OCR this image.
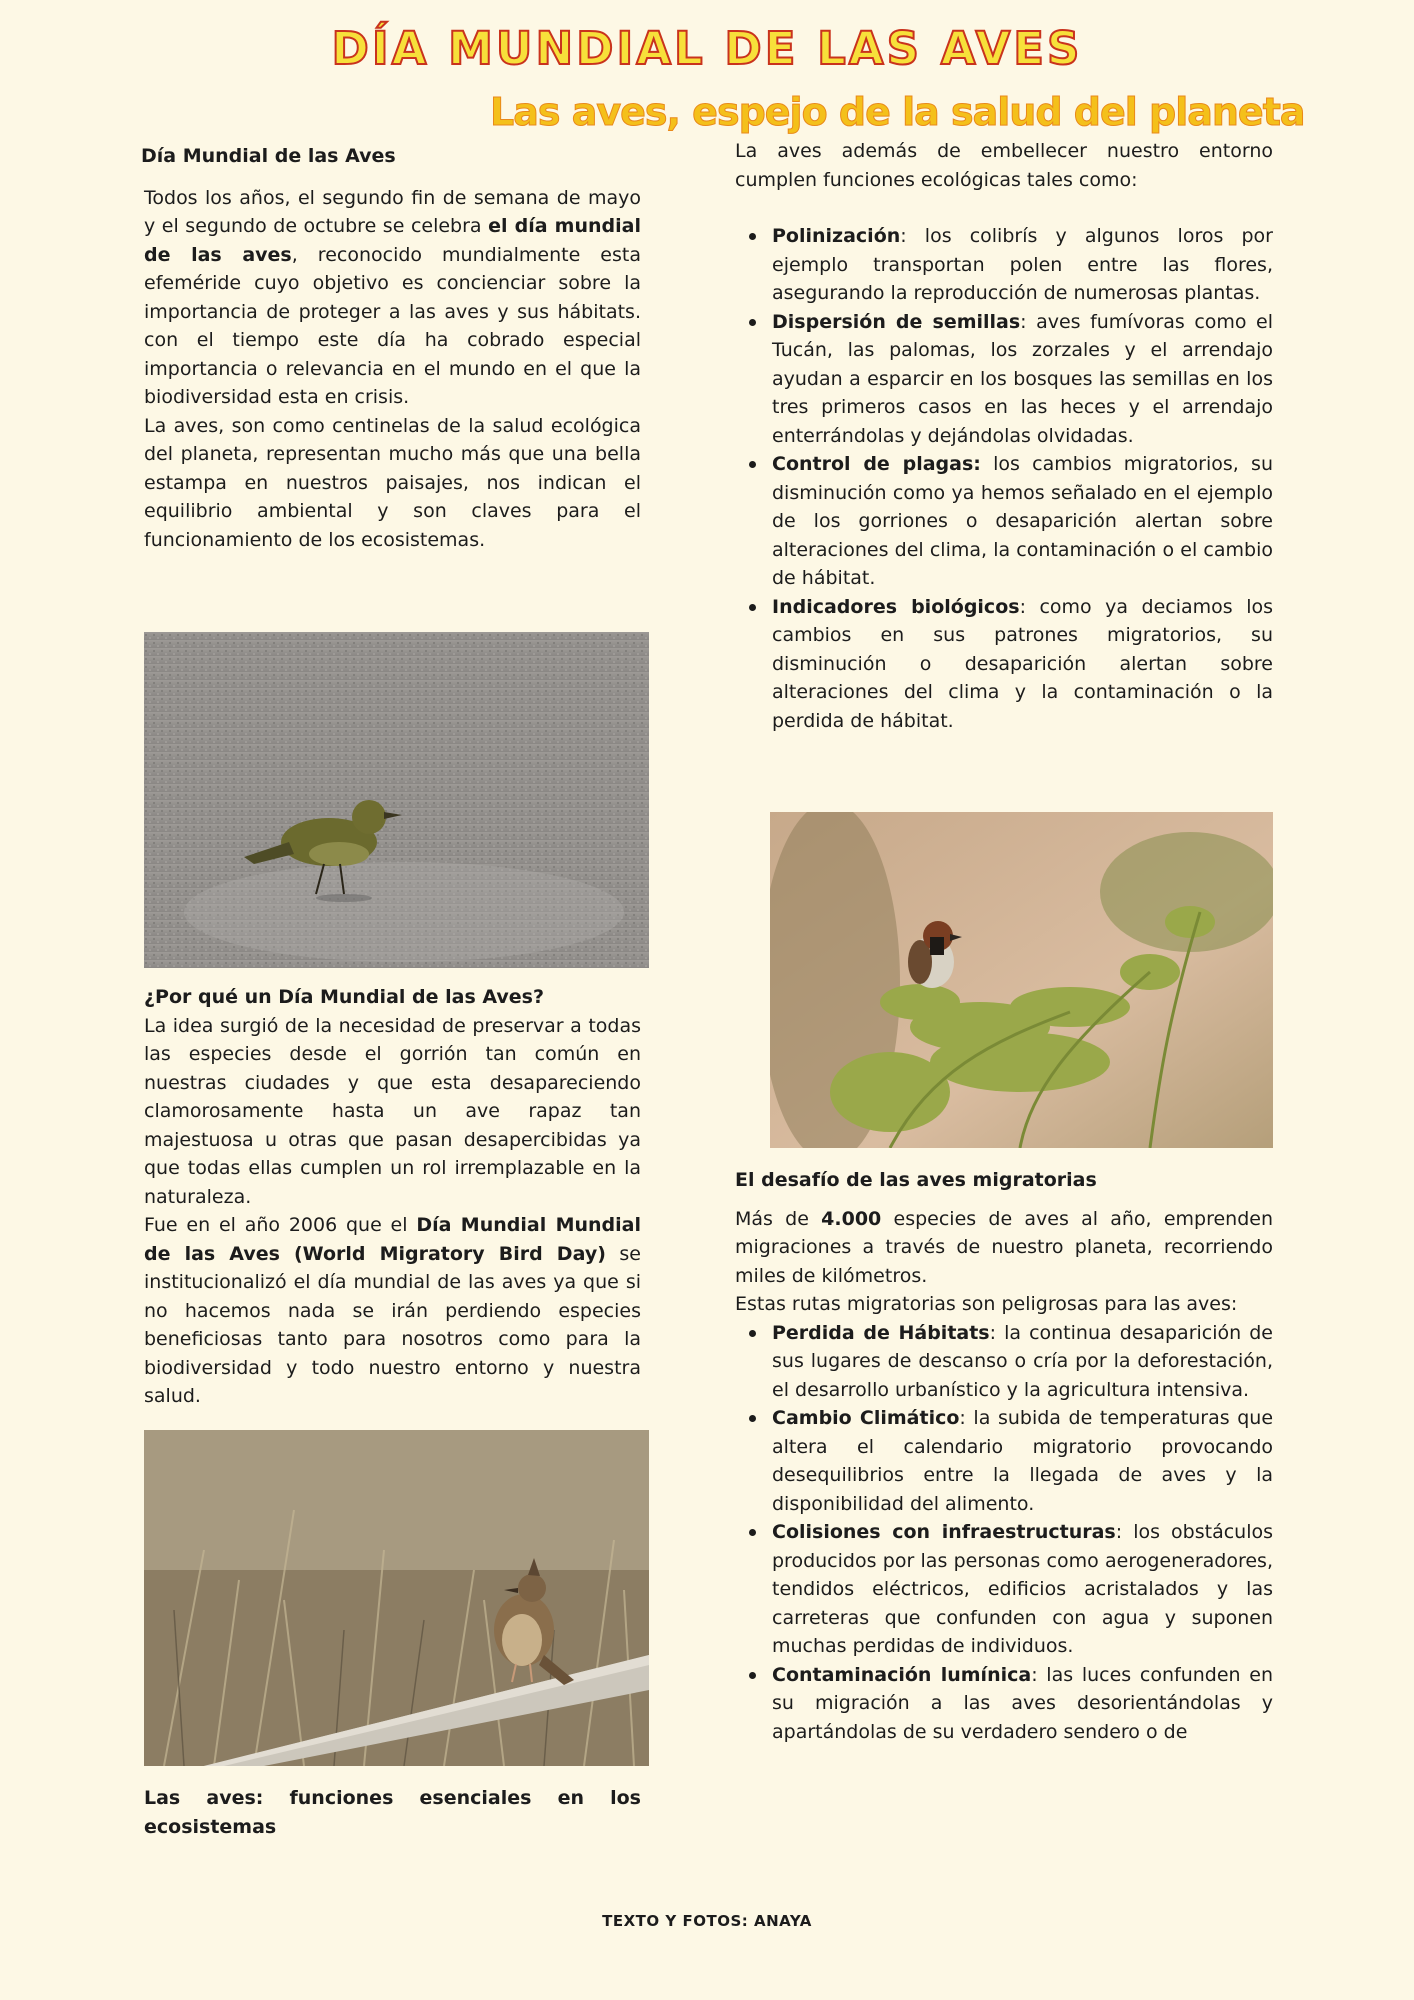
DÍA MUNDIAL DE LAS AVES
Las aves, espejo de la salud del planeta

Día Mundial de las Aves

Todos los años, el segundo fin de semana de mayo y el segundo de octubre se celebra el día mundial de las aves, reconocido mundialmente esta efeméride cuyo objetivo es concienciar sobre la importancia de proteger a las aves y sus hábitats. con el tiempo este día ha cobrado especial importancia o relevancia en el mundo en el que la biodiversidad esta en crisis.

La aves, son como centinelas de la salud ecológica del planeta, representan mucho más que una bella estampa en nuestros paisajes, nos indican el equilibrio ambiental y son claves para el funcionamiento de los ecosistemas.

¿Por qué un Día Mundial de las Aves?

La idea surgió de la necesidad de preservar a todas las especies desde el gorrión tan común en nuestras ciudades y que esta desapareciendo clamorosamente hasta un ave rapaz tan majestuosa u otras que pasan desapercibidas ya que todas ellas cumplen un rol irremplazable en la naturaleza.

Fue en el año 2006 que el Día Mundial Mundial de las Aves (World Migratory Bird Day) se institucionalizó el día mundial de las aves ya que si no hacemos nada se irán perdiendo especies beneficiosas tanto para nosotros como para la biodiversidad y todo nuestro entorno y nuestra salud.

Las aves: funciones esenciales en los ecosistemas

La aves además de embellecer nuestro entorno cumplen funciones ecológicas tales como:

Polinización: los colibrís y algunos loros por ejemplo transportan polen entre las flores, asegurando la reproducción de numerosas plantas.
Dispersión de semillas: aves fumívoras como el Tucán, las palomas, los zorzales y el arrendajo ayudan a esparcir en los bosques las semillas en los tres primeros casos en las heces y el arrendajo enterrándolas y dejándolas olvidadas.
Control de plagas: los cambios migratorios, su disminución como ya hemos señalado en el ejemplo de los gorriones o desaparición alertan sobre alteraciones del clima, la contaminación o el cambio de hábitat.
Indicadores biológicos: como ya deciamos los cambios en sus patrones migratorios, su disminución o desaparición alertan sobre alteraciones del clima y la contaminación o la perdida de hábitat.

El desafío de las aves migratorias

Más de 4.000 especies de aves al año, emprenden migraciones a través de nuestro planeta, recorriendo miles de kilómetros.

Estas rutas migratorias son peligrosas para las aves:

Perdida de Hábitats: la continua desaparición de sus lugares de descanso o cría por la deforestación, el desarrollo urbanístico y la agricultura intensiva.
Cambio Climático: la subida de temperaturas que altera el calendario migratorio provocando desequilibrios entre la llegada de aves y la disponibilidad del alimento.
Colisiones con infraestructuras: los obstáculos producidos por las personas como aerogeneradores, tendidos eléctricos, edificios acristalados y las carreteras que confunden con agua y suponen muchas perdidas de individuos.
Contaminación lumínica: las luces confunden en su migración a las aves desorientándolas y apartándolas de su verdadero sendero o de
TEXTO Y FOTOS: ANAYA
